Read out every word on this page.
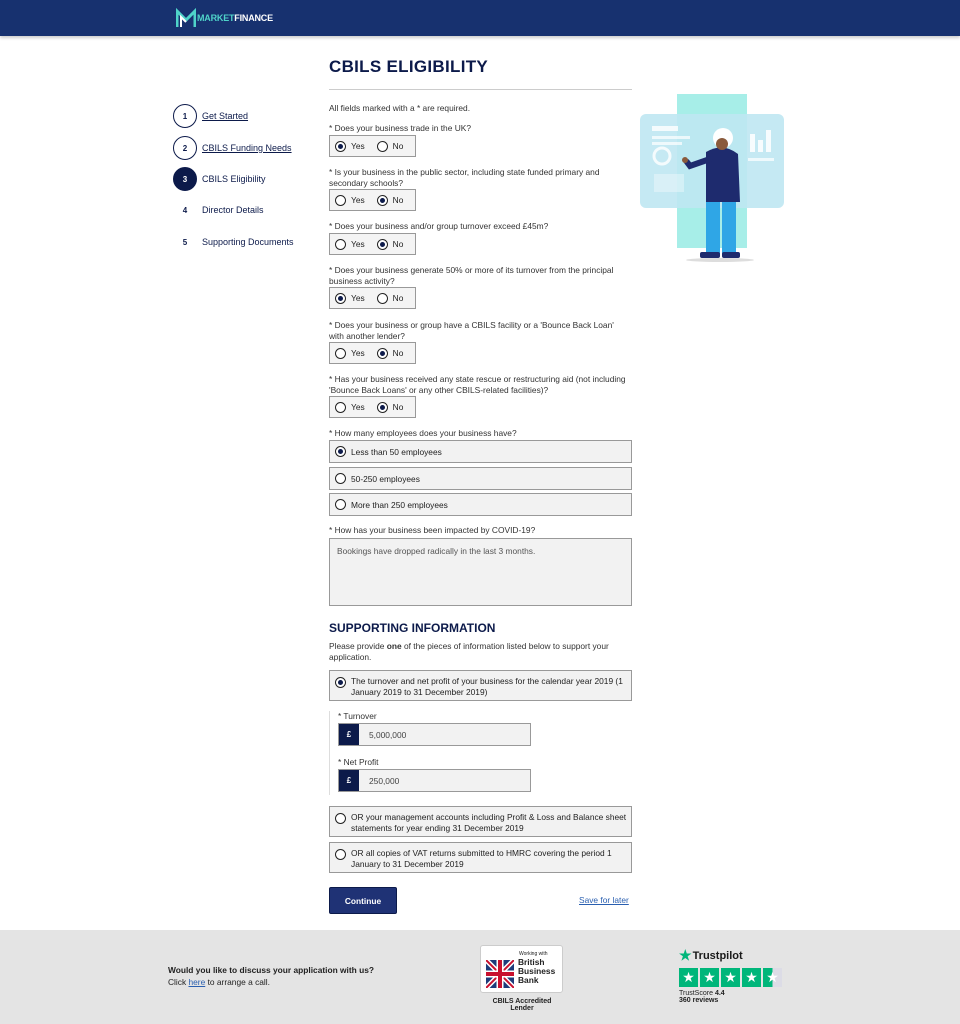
MARKETFINANCE
1	Get Started
2	CBILS Funding Needs
3	CBILS Eligibility
4	Director Details
5	Supporting Documents
CBILS ELIGIBILITY
All fields marked with a * are required.
* Does your business trade in the UK?
Yes	No
* Is your business in the public sector, including state funded primary and secondary schools?
Yes	No
* Does your business and/or group turnover exceed £45m?
Yes	No
* Does your business generate 50% or more of its turnover from the principal business activity?
Yes	No
* Does your business or group have a CBILS facility or a 'Bounce Back Loan' with another lender?
Yes	No
* Has your business received any state rescue or restructuring aid (not including 'Bounce Back Loans' or any other CBILS-related facilities)?
Yes	No
* How many employees does your business have?
Less than 50 employees
50-250 employees
More than 250 employees
* How has your business been impacted by COVID-19?
Bookings have dropped radically in the last 3 months.
SUPPORTING INFORMATION
Please provide one of the pieces of information listed below to support your application.
The turnover and net profit of your business for the calendar year 2019 (1 January 2019 to 31 December 2019)
* Turnover
£	5,000,000
* Net Profit
£	250,000
OR your management accounts including Profit & Loss and Balance sheet statements for year ending 31 December 2019
OR all copies of VAT returns submitted to HMRC covering the period 1 January to 31 December 2019
Continue	Save for later
Would you like to discuss your application with us?
Click here to arrange a call.
Working with
British
Business
Bank
CBILS Accredited Lender
★ Trustpilot
★ ★ ★ ★ ★
TrustScore 4.4
360 reviews
